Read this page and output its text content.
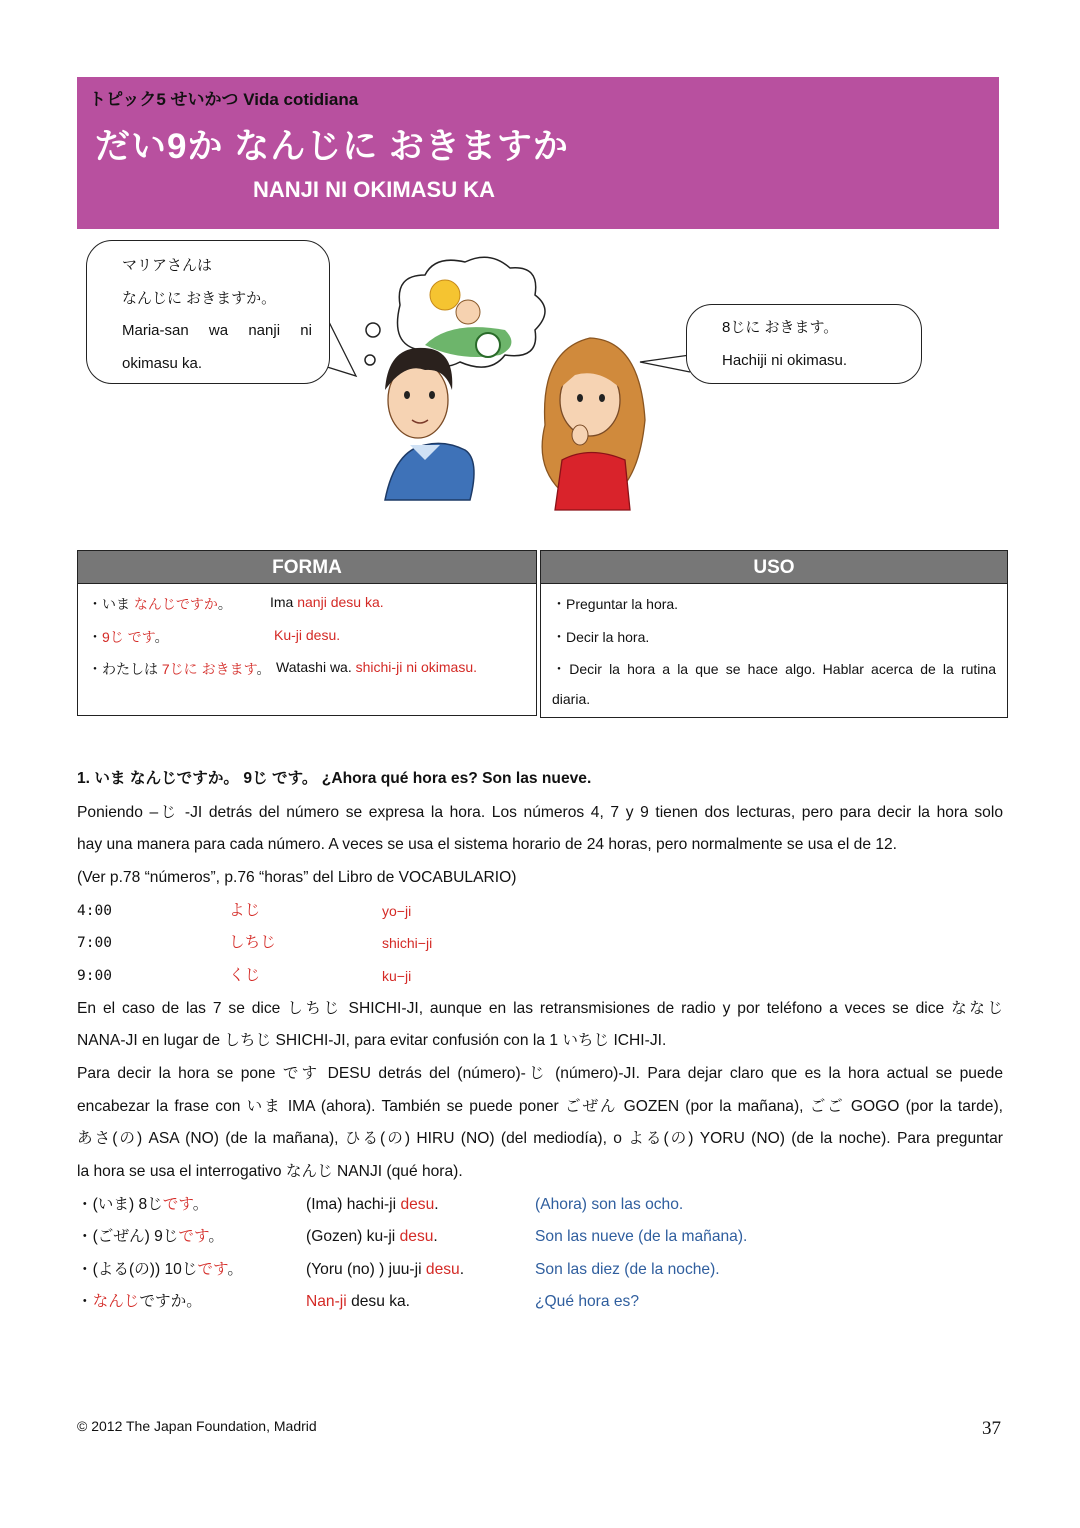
トピック5 せいかつ Vida cotidiana
だい9か なんじに おきますか
NANJI NI OKIMASU KA
マリアさんは
なんじに おきますか。
Maria-san wa nanji ni
okimasu ka.
8じに おきます。
Hachiji ni okimasu.
FORMA
・いま なんじですか。	Ima nanji desu ka.
・9じ です。	Ku-ji desu.
・わたしは 7じに おきます。 Watashi wa. shichi-ji ni okimasu.
USO
・Preguntar la hora.
・Decir la hora.
・Decir la hora a la que se hace algo. Hablar acerca de la rutina
diaria.
1. いま なんじですか。 9じ です。 ¿Ahora qué hora es? Son las nueve.
Poniendo –じ -JI detrás del número se expresa la hora. Los números 4, 7 y 9 tienen dos lecturas, pero para decir la hora solo
hay una manera para cada número. A veces se usa el sistema horario de 24 horas, pero normalmente se usa el de 12.
(Ver p.78 “números”, p.76 “horas” del Libro de VOCABULARIO)
4:00	よじ	yo−ji
7:00	しちじ	shichi−ji
9:00	くじ	ku−ji
En el caso de las 7 se dice しちじ SHICHI-JI, aunque en las retransmisiones de radio y por teléfono a veces se dice ななじ
NANA-JI en lugar de しちじ SHICHI-JI, para evitar confusión con la 1 いちじ ICHI-JI.
Para decir la hora se pone です DESU detrás del (número)-じ (número)-JI. Para dejar claro que es la hora actual se puede
encabezar la frase con いま IMA (ahora). También se puede poner ごぜん GOZEN (por la mañana), ごご GOGO (por la tarde),
あさ(の) ASA (NO) (de la mañana), ひる(の) HIRU (NO) (del mediodía), o よる(の) YORU (NO) (de la noche). Para preguntar
la hora se usa el interrogativo なんじ NANJI (qué hora).
・(いま) 8じです。	(Ima) hachi-ji desu.	(Ahora) son las ocho.
・(ごぜん) 9じです。	(Gozen) ku-ji desu.	Son las nueve (de la mañana).
・(よる(の)) 10じです。	(Yoru (no) ) juu-ji desu.	Son las diez (de la noche).
・なんじですか。	Nan-ji desu ka.	¿Qué hora es?
© 2012 The Japan Foundation, Madrid	37
